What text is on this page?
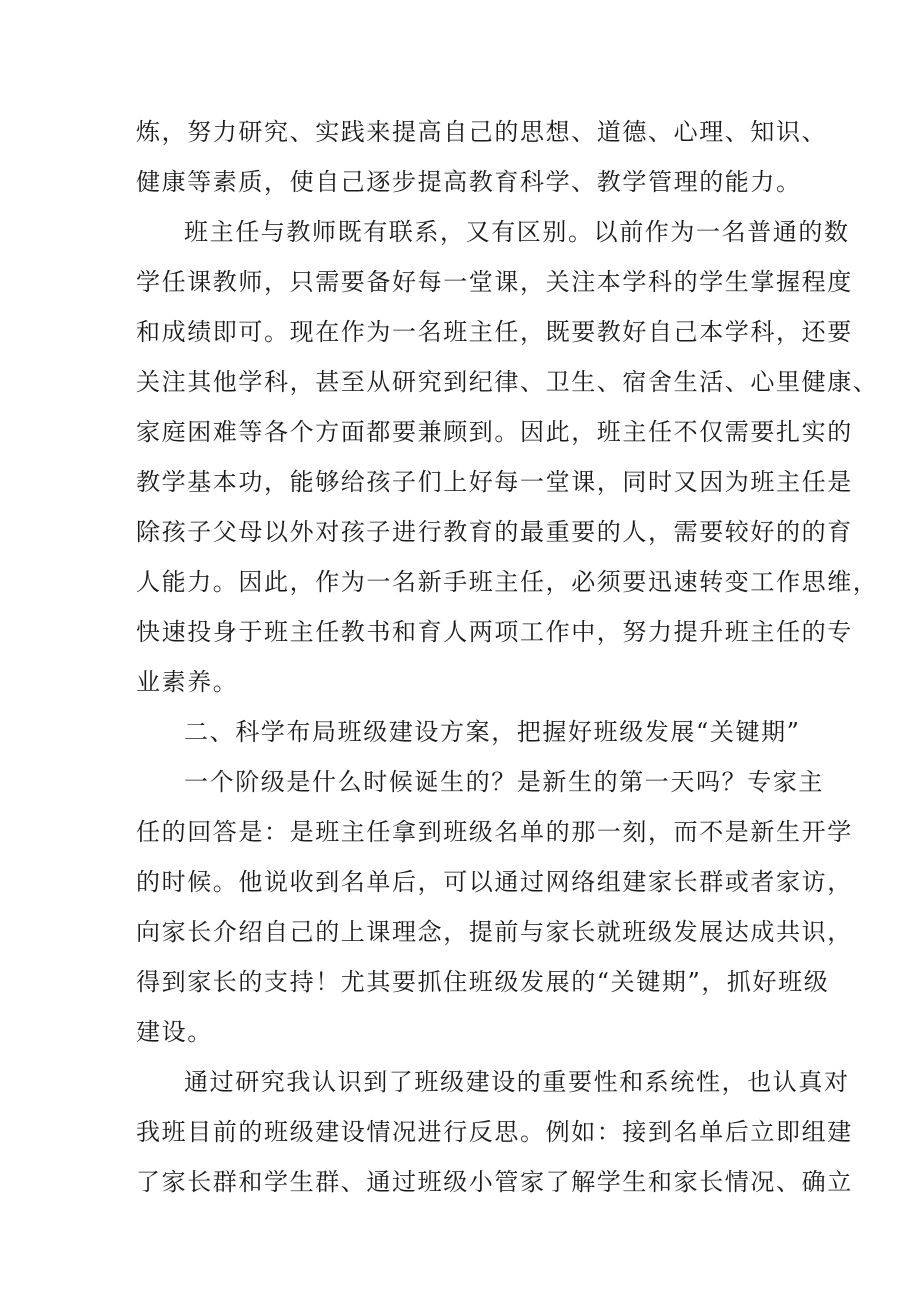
炼，努力研究、实践来提高自己的思想、道德、心理、知识、
健康等素质，使自己逐步提高教育科学、教学管理的能力。
班主任与教师既有联系，又有区别。以前作为一名普通的数
学任课教师，只需要备好每一堂课，关注本学科的学生掌握程度
和成绩即可。现在作为一名班主任，既要教好自己本学科，还要
关注其他学科，甚至从研究到纪律、卫生、宿舍生活、心里健康、
家庭困难等各个方面都要兼顾到。因此，班主任不仅需要扎实的
教学基本功，能够给孩子们上好每一堂课，同时又因为班主任是
除孩子父母以外对孩子进行教育的最重要的人，需要较好的的育
人能力。因此，作为一名新手班主任，必须要迅速转变工作思维，
快速投身于班主任教书和育人两项工作中，努力提升班主任的专
业素养。
二、科学布局班级建设方案，把握好班级发展“关键期”
一个阶级是什么时候诞生的？是新生的第一天吗？专家主
任的回答是：是班主任拿到班级名单的那一刻，而不是新生开学
的时候。他说收到名单后，可以通过网络组建家长群或者家访，
向家长介绍自己的上课理念，提前与家长就班级发展达成共识，
得到家长的支持！尤其要抓住班级发展的“关键期”，抓好班级
建设。
通过研究我认识到了班级建设的重要性和系统性，也认真对
我班目前的班级建设情况进行反思。例如：接到名单后立即组建
了家长群和学生群、通过班级小管家了解学生和家长情况、确立
